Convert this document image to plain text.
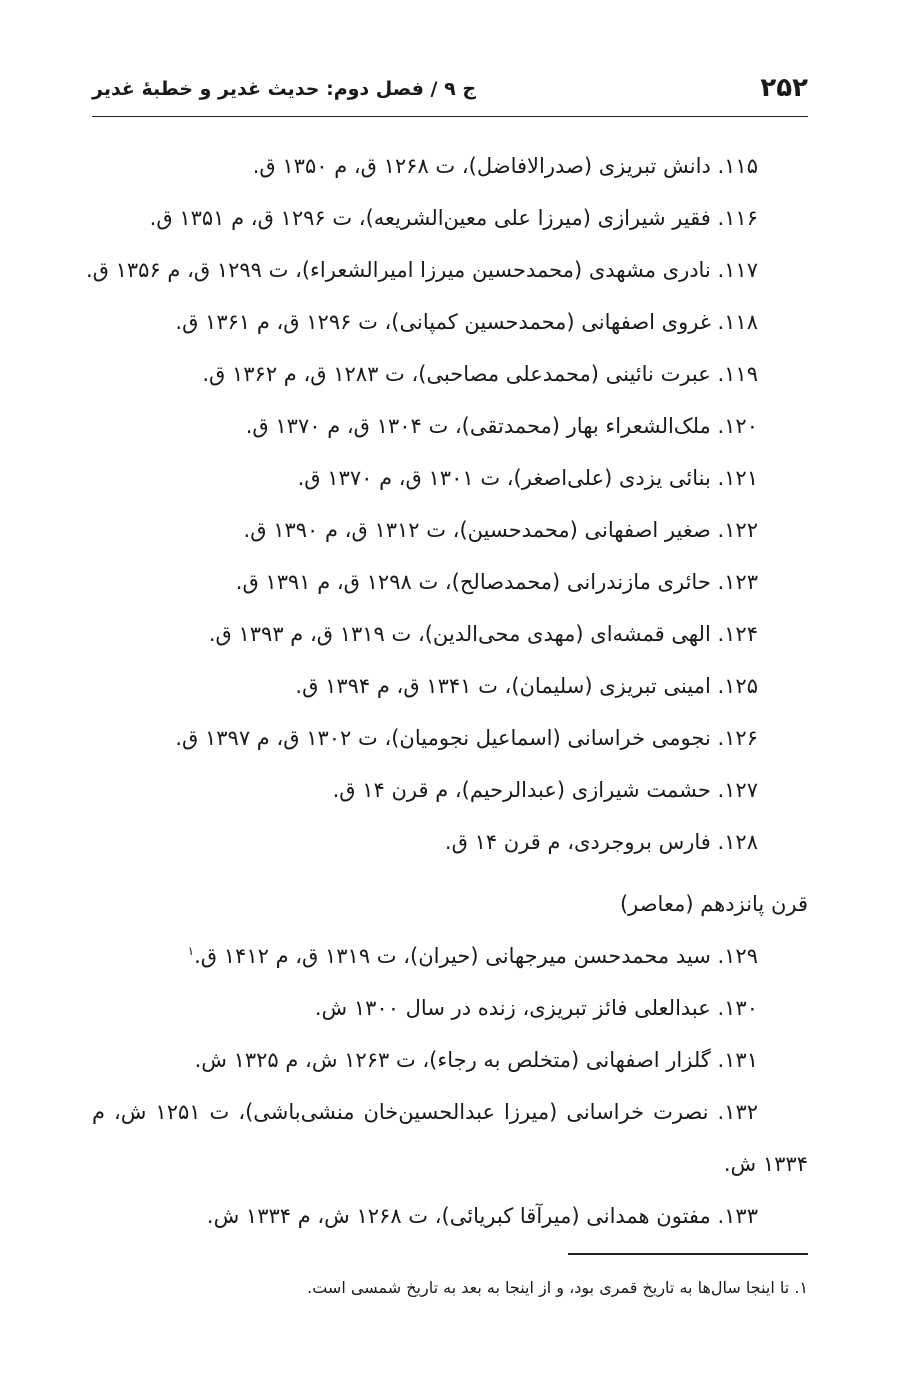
۲۵۲
ج ۹ / فصل دوم: حدیث غدیر و خطبۀ غدیر
۱۱۵. دانش تبریزی (صدرالافاضل)، ت ۱۲۶۸ ق، م ۱۳۵۰ ق.
۱۱۶. فقیر شیرازی (میرزا علی معین‌الشریعه)، ت ۱۲۹۶ ق، م ۱۳۵۱ ق.
۱۱۷. نادری مشهدی (محمدحسین میرزا امیرالشعراء)، ت ۱۲۹۹ ق، م ۱۳۵۶ ق.
۱۱۸. غروی اصفهانی (محمدحسین کمپانی)، ت ۱۲۹۶ ق، م ۱۳۶۱ ق.
۱۱۹. عبرت نائینی (محمدعلی مصاحبی)، ت ۱۲۸۳ ق، م ۱۳۶۲ ق.
۱۲۰. ملک‌الشعراء بهار (محمدتقی)، ت ۱۳۰۴ ق، م ۱۳۷۰ ق.
۱۲۱. بنائی یزدی (علی‌اصغر)، ت ۱۳۰۱ ق، م ۱۳۷۰ ق.
۱۲۲. صغیر اصفهانی (محمدحسین)، ت ۱۳۱۲ ق، م ۱۳۹۰ ق.
۱۲۳. حائری مازندرانی (محمدصالح)، ت ۱۲۹۸ ق، م ۱۳۹۱ ق.
۱۲۴. الهی قمشه‌ای (مهدی محی‌الدین)، ت ۱۳۱۹ ق، م ۱۳۹۳ ق.
۱۲۵. امینی تبریزی (سلیمان)، ت ۱۳۴۱ ق، م ۱۳۹۴ ق.
۱۲۶. نجومی خراسانی (اسماعیل نجومیان)، ت ۱۳۰۲ ق، م ۱۳۹۷ ق.
۱۲۷. حشمت شیرازی (عبدالرحیم)، م قرن ۱۴ ق.
۱۲۸. فارس بروجردی، م قرن ۱۴ ق.
قرن پانزدهم (معاصر)
۱۲۹. سید محمدحسن میرجهانی (حیران)، ت ۱۳۱۹ ق، م ۱۴۱۲ ق.$^۱$
۱۳۰. عبدالعلی فائز تبریزی، زنده در سال ۱۳۰۰ ش.
۱۳۱. گلزار اصفهانی (متخلص به رجاء)، ت ۱۲۶۳ ش، م ۱۳۲۵ ش.
۱۳۲. نصرت خراسانی (میرزا عبدالحسین‌خان منشی‌باشی)، ت ۱۲۵۱ ش، م ۱۳۳۴ ش.
۱۳۳. مفتون همدانی (میرآقا کبریائی)، ت ۱۲۶۸ ش، م ۱۳۳۴ ش.
۱. تا اینجا سال‌ها به تاریخ قمری بود، و از اینجا به بعد به تاریخ شمسی است.
